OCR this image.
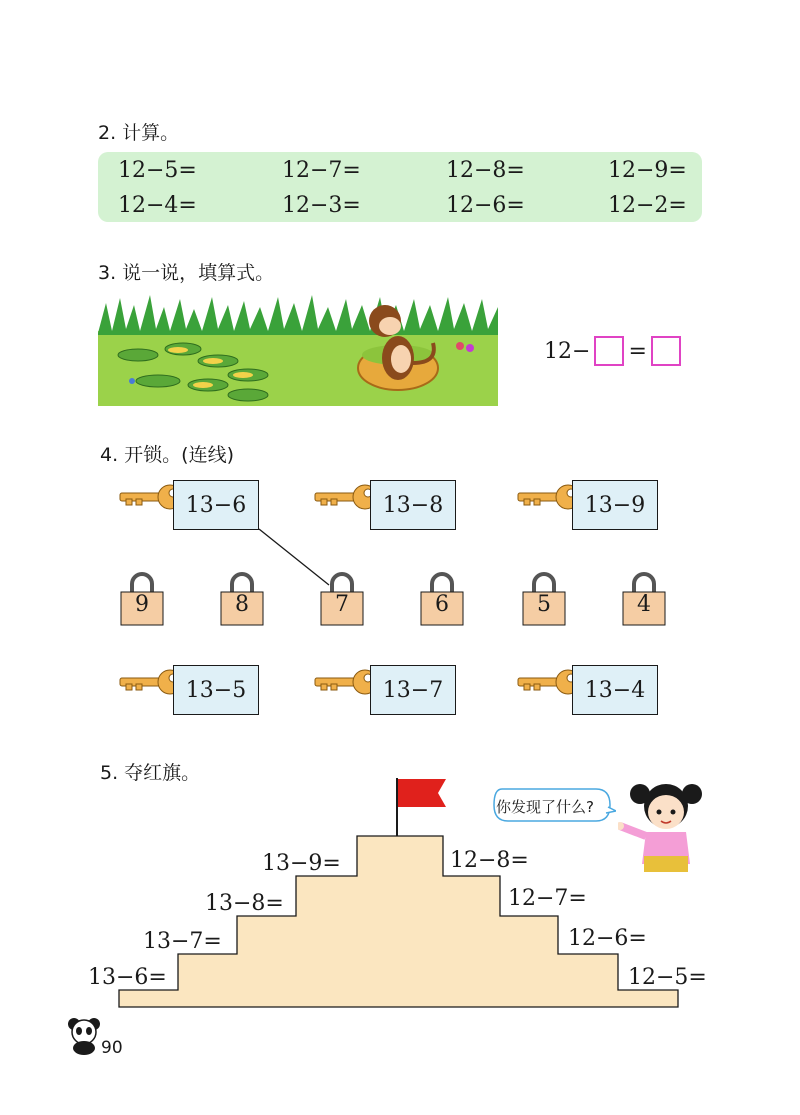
2. 计算。
12−5=	12−7=	12−8=	12−9=
12−4=	12−3=	12−6=	12−2=
3. 说一说，填算式。
12− =
4. 开锁。(连线)
13−6	13−8	13−9
9	8	7	6	5	4
13−5	13−7	13−4
5. 夺红旗。
你发现了什么?
13−9=
13−8=
13−7=
13−6=
12−8=
12−7=
12−6=
12−5=
90
